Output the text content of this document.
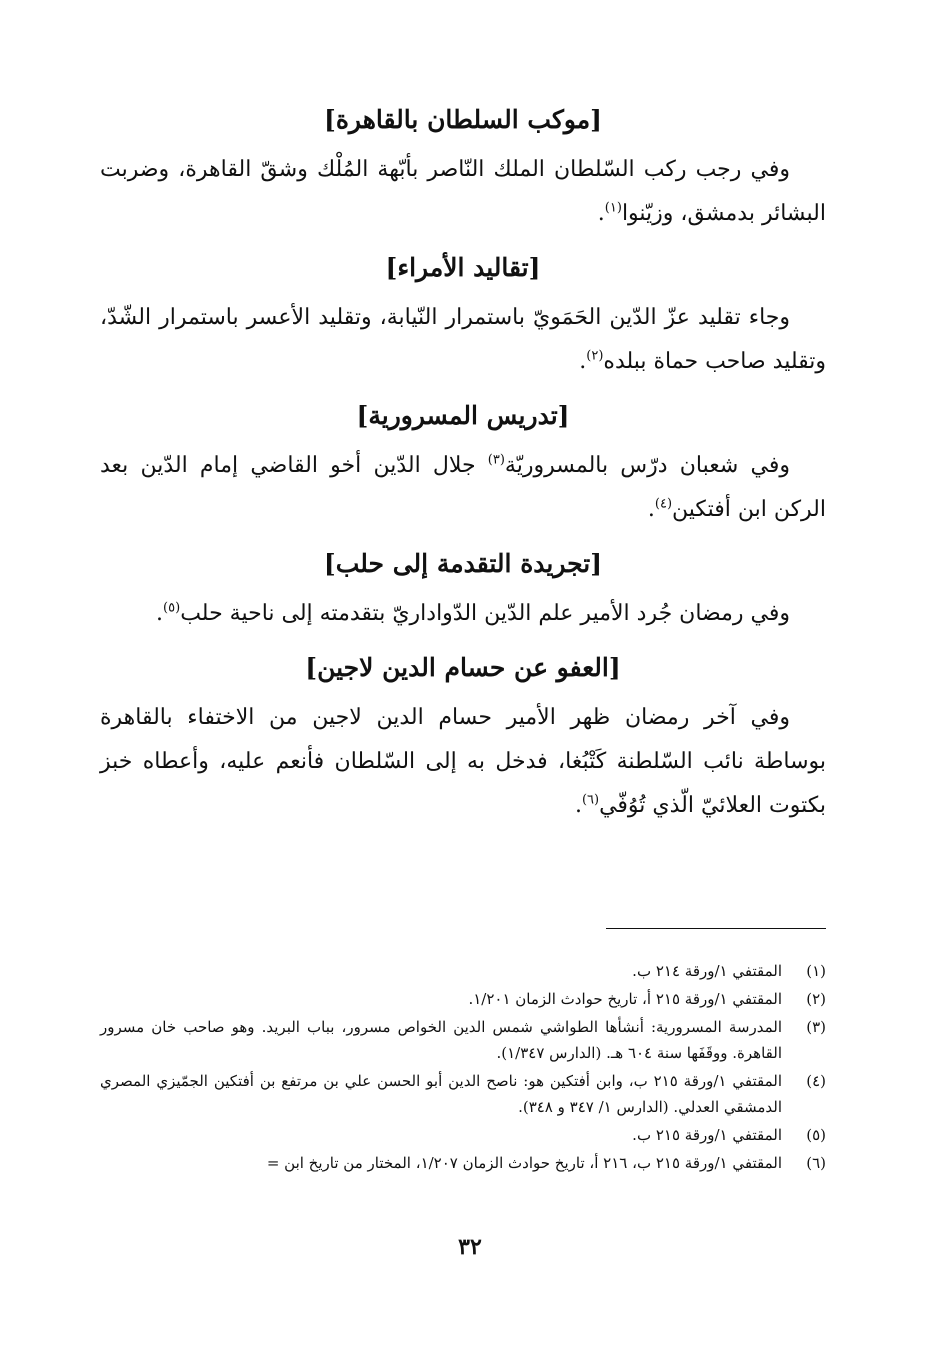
[موكب السلطان بالقاهرة]

وفي رجب ركب السّلطان الملك النّاصر بأبّهة المُلْك وشقّ القاهرة، وضربت البشائر بدمشق، وزيّنوا$^{(١)}$.

[تقاليد الأمراء]

وجاء تقليد عزّ الدّين الحَمَويّ باستمرار النّيابة، وتقليد الأعسر باستمرار الشّدّ، وتقليد صاحب حماة ببلده$^{(٢)}$.

[تدريس المسرورية]

وفي شعبان درّس بالمسروريّة$^{(٣)}$ جلال الدّين أخو القاضي إمام الدّين بعد الركن ابن أفتكين$^{(٤)}$.

[تجريدة التقدمة إلى حلب]

وفي رمضان جُرد الأمير علم الدّين الدّواداريّ بتقدمته إلى ناحية حلب$^{(٥)}$.

[العفو عن حسام الدين لاجين]

وفي آخر رمضان ظهر الأمير حسام الدين لاجين من الاختفاء بالقاهرة بوساطة نائب السّلطنة كَتْبُغا، فدخل به إلى السّلطان فأنعم عليه، وأعطاه خبز بكتوت العلائيّ الّذي تُوُفّي$^{(٦)}$.

(١)
المقتفي ١/ورقة ٢١٤ ب.
(٢)
المقتفي ١/ورقة ٢١٥ أ، تاريخ حوادث الزمان ١/٢٠١.
(٣)
المدرسة المسرورية: أنشأها الطواشي شمس الدين الخواص مسرور، بباب البريد. وهو صاحب خان مسرور القاهرة. ووقَفَها سنة ٦٠٤ هـ. (الدارس ١/٣٤٧).
(٤)
المقتفي ١/ورقة ٢١٥ ب، وابن أفتكين هو: ناصح الدين أبو الحسن علي بن مرتفع بن أفتكين الجمّيزي المصري الدمشقي العدلي. (الدارس ١/ ٣٤٧ و ٣٤٨).
(٥)
المقتفي ١/ورقة ٢١٥ ب.
(٦)
المقتفي ١/ورقة ٢١٥ ب، ٢١٦ أ، تاريخ حوادث الزمان ١/٢٠٧، المختار من تاريخ ابن =
٣٢
